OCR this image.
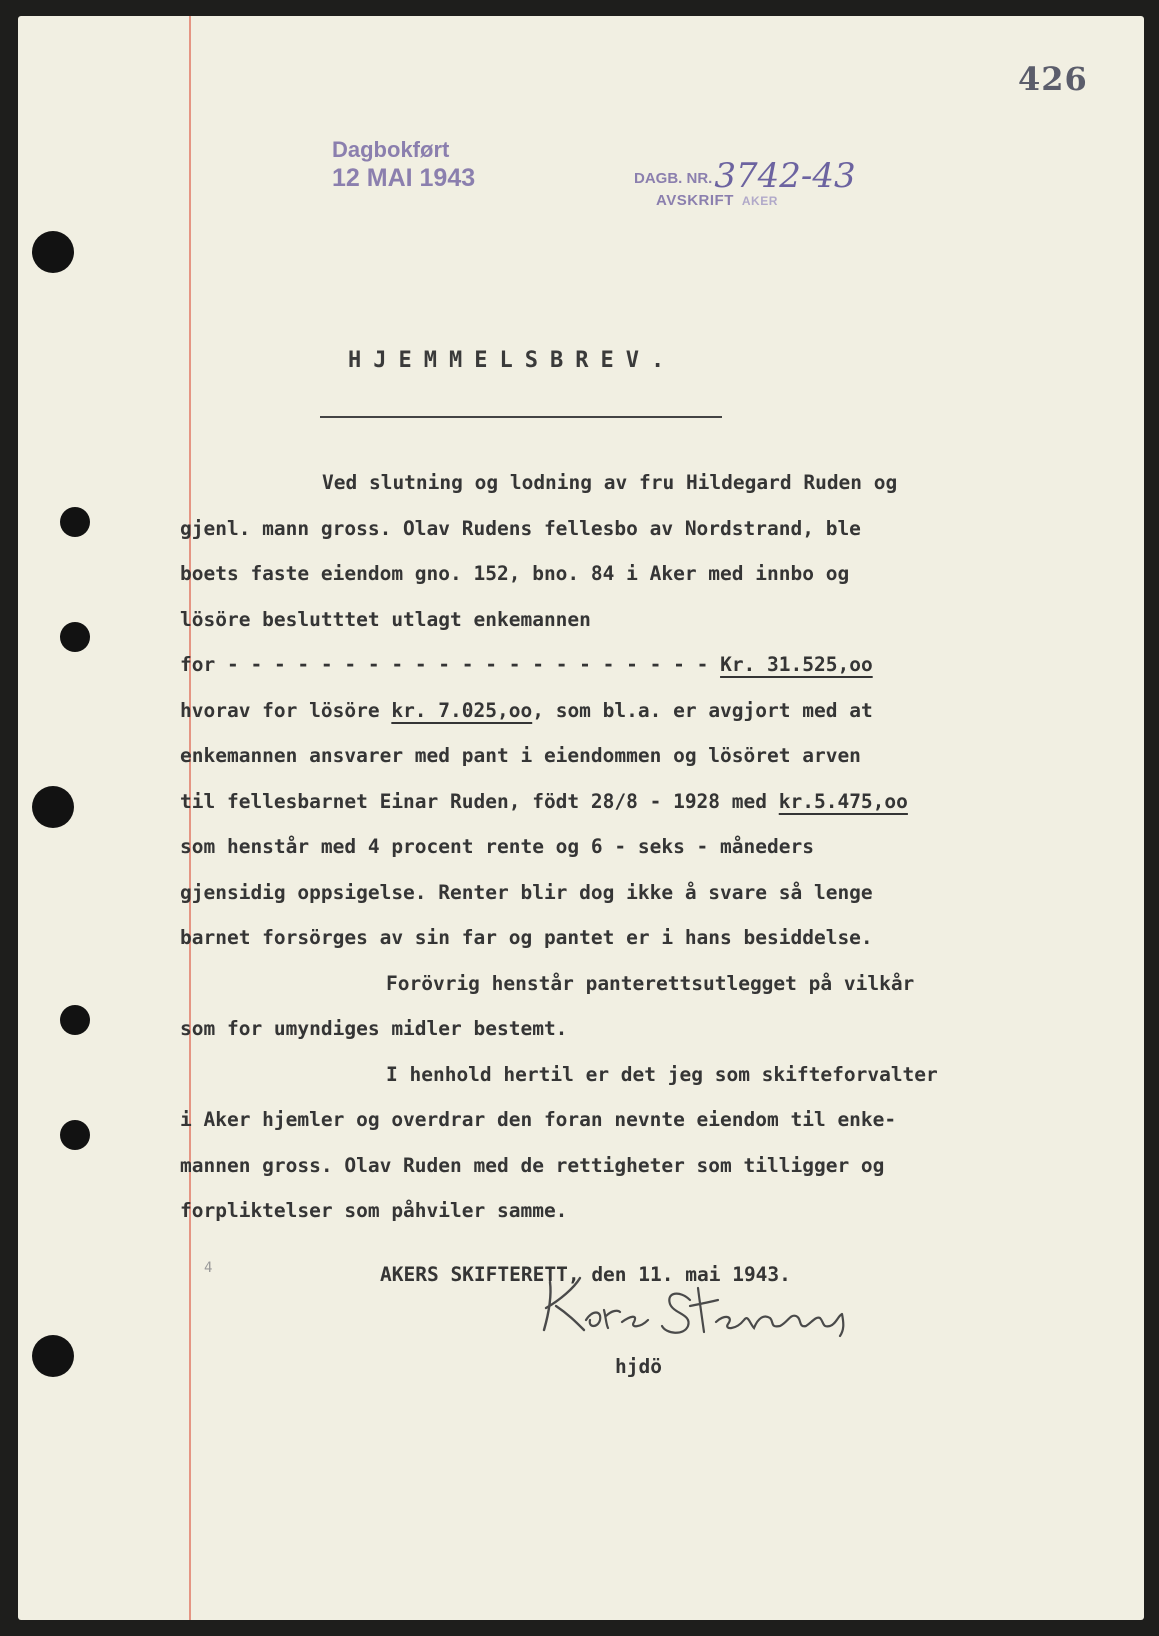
426
Dagbokført
12 MAI 1943	DAGB. NR.3742-43
AVSKRIFT AKER
HJEMMELSBREV.
Ved slutning og lodning av fru Hildegard Ruden og
gjenl. mann gross. Olav Rudens fellesbo av Nordstrand, ble
boets faste eiendom gno. 152, bno. 84 i Aker med innbo og
lösöre beslutttet utlagt enkemannen
for - - - - - - - - - - - - - - - - - - - - - Kr. 31.525,oo
hvorav for lösöre kr. 7.025,oo, som bl.a. er avgjort med at
enkemannen ansvarer med pant i eiendommen og lösöret arven
til fellesbarnet Einar Ruden, födt 28/8 - 1928 med kr.5.475,oo
som henstår med 4 procent rente og 6 - seks - måneders
gjensidig oppsigelse. Renter blir dog ikke å svare så lenge
barnet forsörges av sin far og pantet er i hans besiddelse.
Forövrig henstår panterettsutlegget på vilkår
som for umyndiges midler bestemt.
I henhold hertil er det jeg som skifteforvalter
i Aker hjemler og overdrar den foran nevnte eiendom til enke-
mannen gross. Olav Ruden med de rettigheter som tilligger og
forpliktelser som påhviler samme.
4	AKERS SKIFTERETT, den 11. mai 1943.
hjdö
